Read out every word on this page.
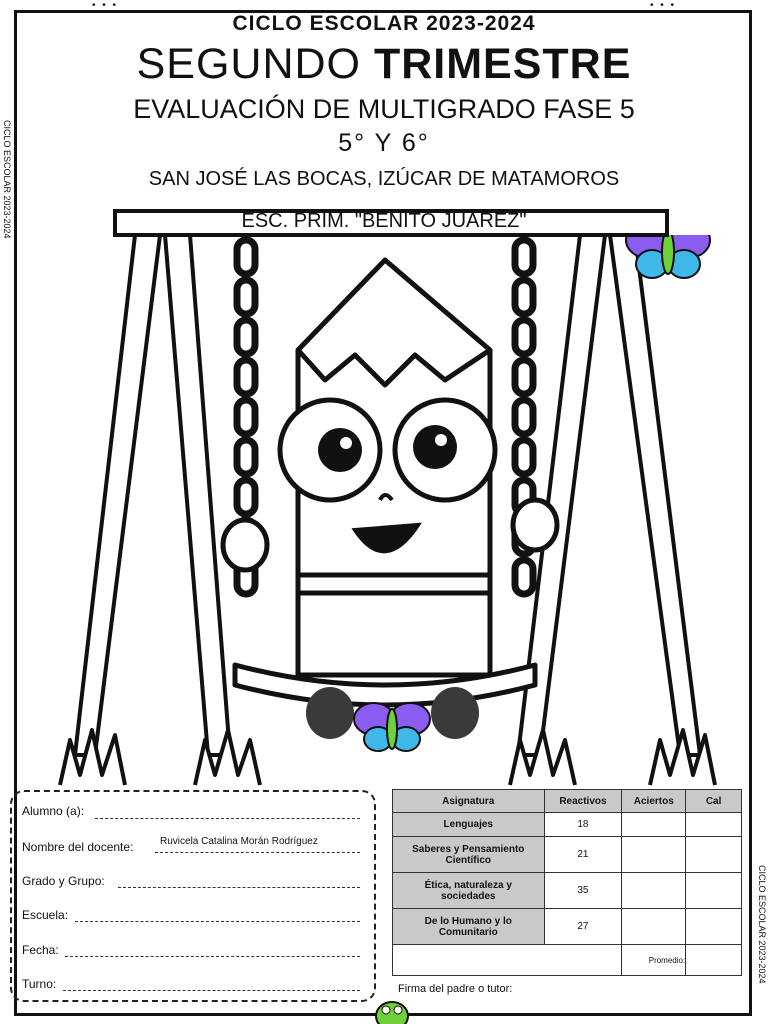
• • •	• • •
CICLO ESCOLAR 2023-2024
SEGUNDO TRIMESTRE
EVALUACIÓN DE MULTIGRADO FASE 5
5° Y 6°
SAN JOSÉ LAS BOCAS, IZÚCAR DE MATAMOROS
CICLO ESCOLAR 2023-2024
CICLO ESCOLAR 2023-2024
ESC. PRIM. "BENITO JUÁREZ"
Alumno (a):
Nombre del docente:	Ruvicela Catalina Morán Rodríguez
Grado y Grupo:
Escuela:
Fecha:
Turno:
Asignatura	Reactivos	Aciertos	Cal
Lenguajes	18		
Saberes y Pensamiento Científico	21		
Ética, naturaleza y sociedades	35		
De lo Humano y lo Comunitario	27		
		Promedio:	
Firma del padre o tutor:
